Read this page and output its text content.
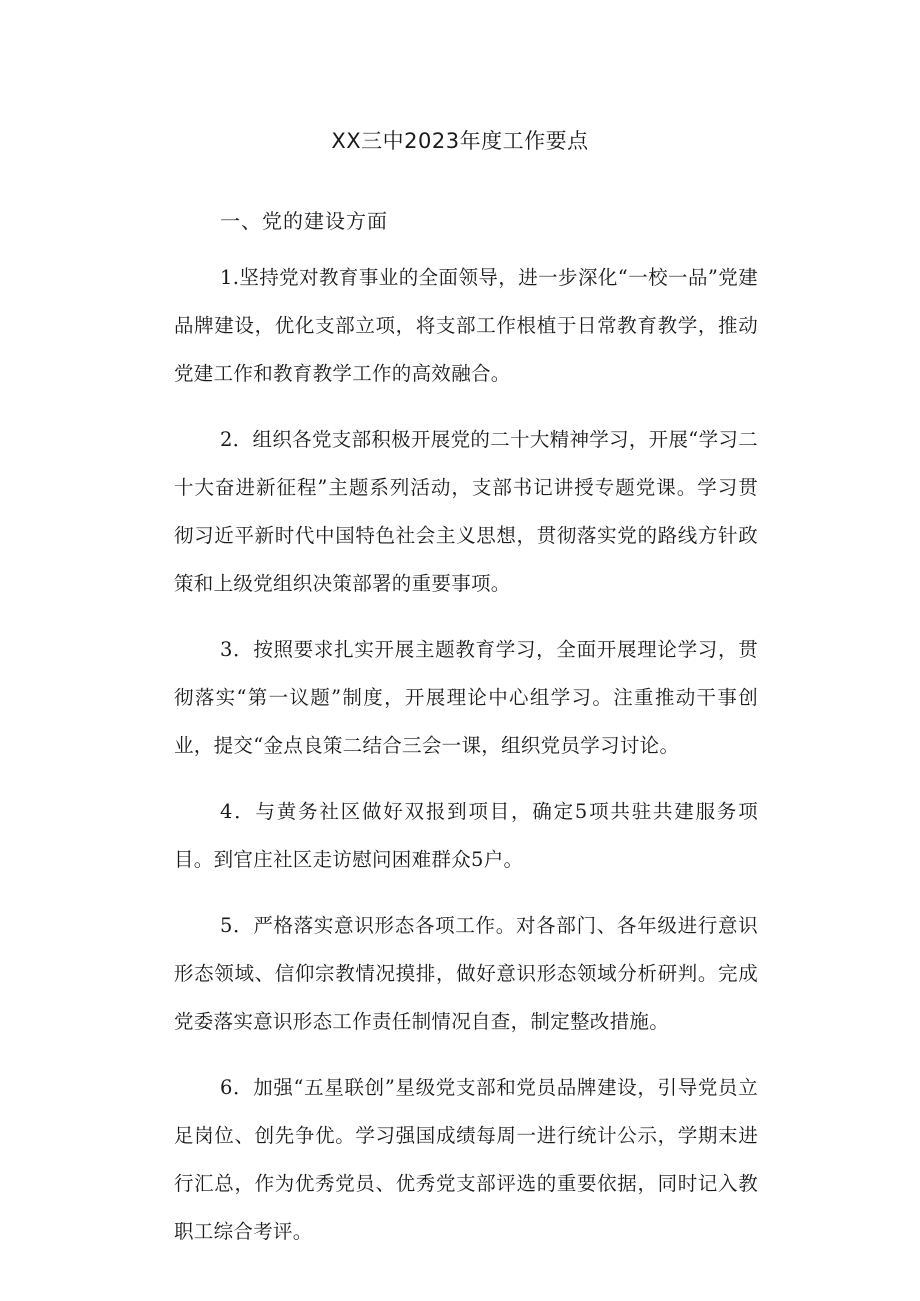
XX三中2023年度工作要点
一、党的建设方面

1.坚持党对教育事业的全面领导，进一步深化“一校一品”党建品牌建设，优化支部立项，将支部工作根植于日常教育教学，推动党建工作和教育教学工作的高效融合。

2．组织各党支部积极开展党的二十大精神学习，开展“学习二十大奋进新征程”主题系列活动，支部书记讲授专题党课。学习贯彻习近平新时代中国特色社会主义思想，贯彻落实党的路线方针政策和上级党组织决策部署的重要事项。

3．按照要求扎实开展主题教育学习，全面开展理论学习，贯彻落实“第一议题”制度，开展理论中心组学习。注重推动干事创业，提交“金点良策二结合三会一课，组织党员学习讨论。

4．与黄务社区做好双报到项目，确定5项共驻共建服务项目。到官庄社区走访慰问困难群众5户。

5．严格落实意识形态各项工作。对各部门、各年级进行意识形态领域、信仰宗教情况摸排，做好意识形态领域分析研判。完成党委落实意识形态工作责任制情况自查，制定整改措施。

6．加强“五星联创”星级党支部和党员品牌建设，引导党员立足岗位、创先争优。学习强国成绩每周一进行统计公示，学期末进行汇总，作为优秀党员、优秀党支部评选的重要依据，同时记入教职工综合考评。
